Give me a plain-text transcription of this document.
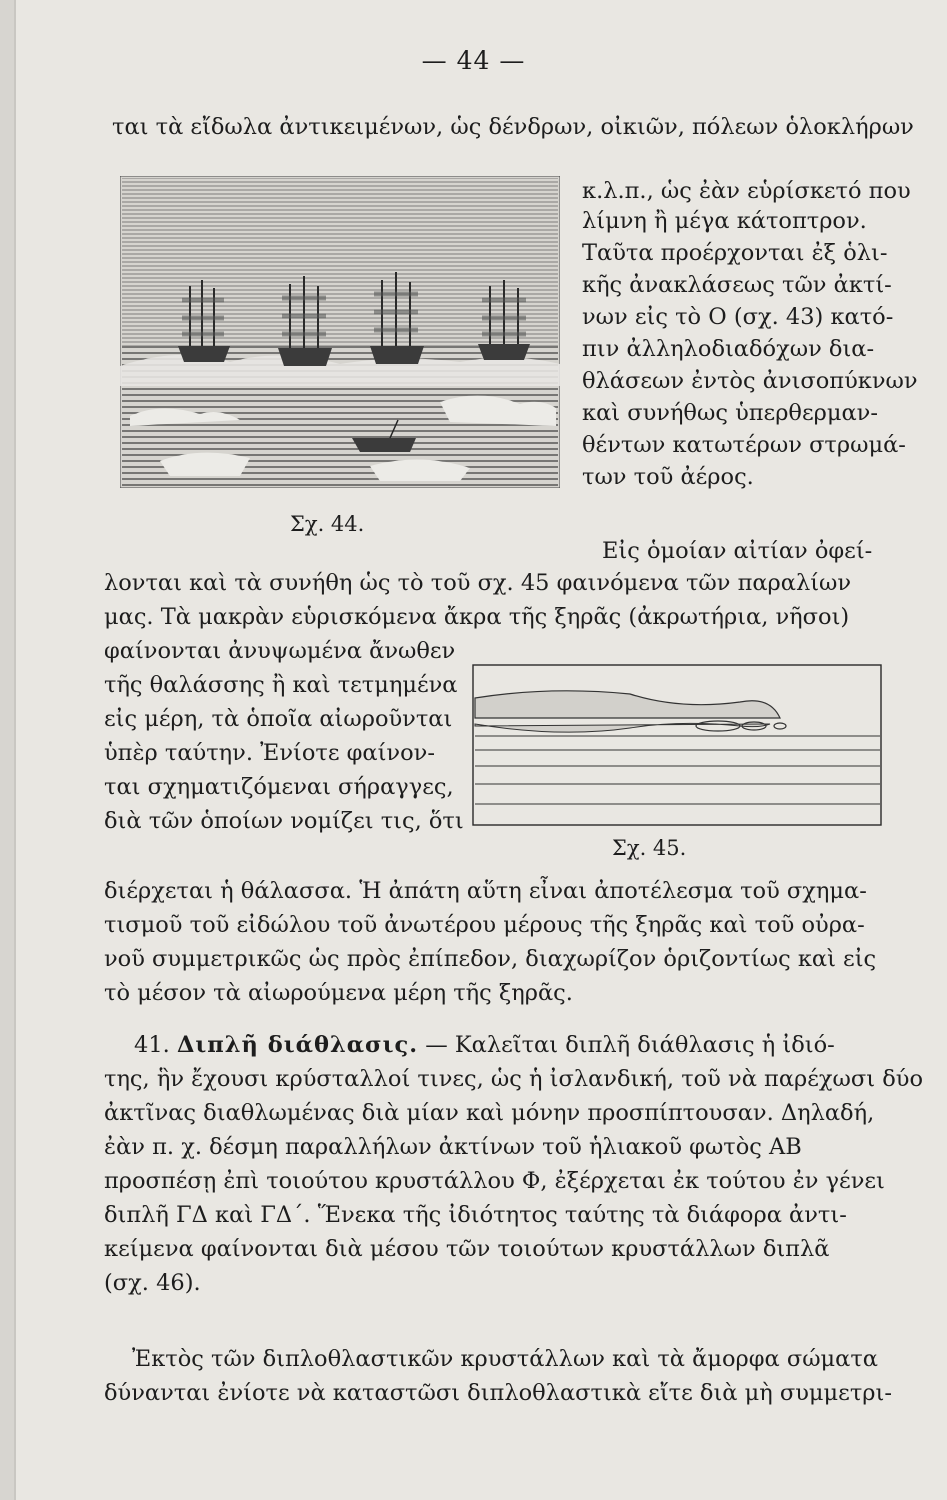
— 44 —
ται τὰ εἴδωλα ἀντικειμένων, ὡς δένδρων, οἰκιῶν, πόλεων ὁλοκλήρων
κ.λ.π., ὡς ἐὰν εὑρίσκετό που
λίμνη ἢ μέγα κάτοπτρον.
Ταῦτα προέρχονται ἐξ ὁλι-
κῆς ἀνακλάσεως τῶν ἀκτί-
νων εἰς τὸ Ο (σχ. 43) κατό-
πιν ἀλληλοδιαδόχων δια-
θλάσεων ἐντὸς ἀνισοπύκνων
καὶ συνήθως ὑπερθερμαν-
θέντων κατωτέρων στρωμά-
των τοῦ ἀέρος.
Σχ. 44.
Εἰς ὁμοίαν αἰτίαν ὀφεί-
λονται καὶ τὰ συνήθη ὡς τὸ τοῦ σχ. 45 φαινόμενα τῶν παραλίων
μας. Τὰ μακρὰν εὑρισκόμενα ἄκρα τῆς ξηρᾶς (ἀκρωτήρια, νῆσοι)
φαίνονται ἀνυψωμένα ἄνωθεν
τῆς θαλάσσης ἢ καὶ τετμημένα
εἰς μέρη, τὰ ὁποῖα αἰωροῦνται
ὑπὲρ ταύτην. Ἐνίοτε φαίνον-
ται σχηματιζόμεναι σήραγγες,
διὰ τῶν ὁποίων νομίζει τις, ὅτι
Σχ. 45.
διέρχεται ἡ θάλασσα. Ἡ ἀπάτη αὕτη εἶναι ἀποτέλεσμα τοῦ σχημα-
τισμοῦ τοῦ εἰδώλου τοῦ ἀνωτέρου μέρους τῆς ξηρᾶς καὶ τοῦ οὐρα-
νοῦ συμμετρικῶς ὡς πρὸς ἐπίπεδον, διαχωρίζον ὁριζοντίως καὶ εἰς
τὸ μέσον τὰ αἰωρούμενα μέρη τῆς ξηρᾶς.
41. Διπλῆ διάθλασις. — Καλεῖται διπλῆ διάθλασις ἡ ἰδιό-
της, ἣν ἔχουσι κρύσταλλοί τινες, ὡς ἡ ἰσλανδική, τοῦ νὰ παρέχωσι δύο
ἀκτῖνας διαθλωμένας διὰ μίαν καὶ μόνην προσπίπτουσαν. Δηλαδή,
ἐὰν π. χ. δέσμη παραλλήλων ἀκτίνων τοῦ ἡλιακοῦ φωτὸς ΑΒ
προσπέσῃ ἐπὶ τοιούτου κρυστάλλου Φ, ἐξέρχεται ἐκ τούτου ἐν γένει
διπλῆ ΓΔ καὶ ΓΔ΄. Ἕνεκα τῆς ἰδιότητος ταύτης τὰ διάφορα ἀντι-
κείμενα φαίνονται διὰ μέσου τῶν τοιούτων κρυστάλλων διπλᾶ
(σχ. 46).
Ἐκτὸς τῶν διπλοθλαστικῶν κρυστάλλων καὶ τὰ ἄμορφα σώματα
δύνανται ἐνίοτε νὰ καταστῶσι διπλοθλαστικὰ εἴτε διὰ μὴ συμμετρι-
